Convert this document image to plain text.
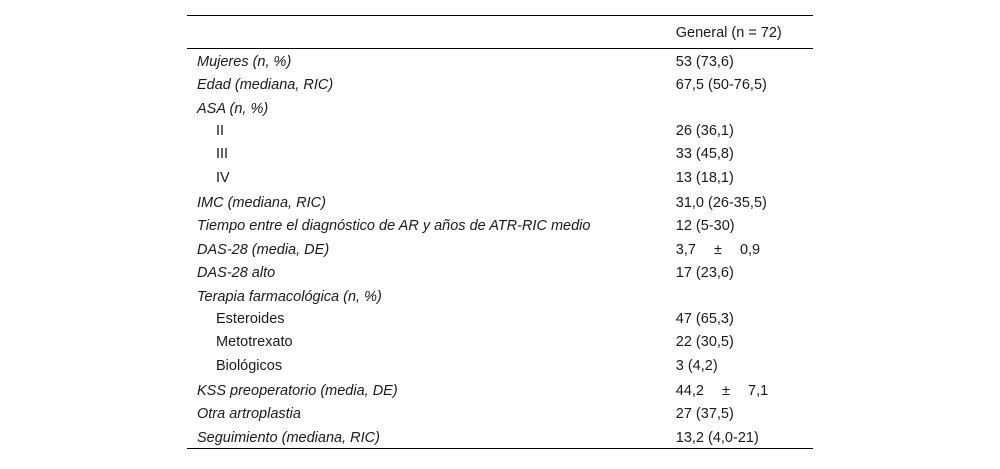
	General (n = 72)
Mujeres (n, %)	53 (73,6)
Edad (mediana, RIC)	67,5 (50-76,5)
ASA (n, %)	
II	26 (36,1)
III	33 (45,8)
IV	13 (18,1)
IMC (mediana, RIC)	31,0 (26-35,5)
Tiempo entre el diagnóstico de AR y años de ATR-RIC medio	12 (5-30)
DAS-28 (media, DE)	3,7 ± 0,9
DAS-28 alto	17 (23,6)
Terapia farmacológica (n, %)	
Esteroides	47 (65,3)
Metotrexato	22 (30,5)
Biológicos	3 (4,2)
KSS preoperatorio (media, DE)	44,2 ± 7,1
Otra artroplastia	27 (37,5)
Seguimiento (mediana, RIC)	13,2 (4,0-21)
